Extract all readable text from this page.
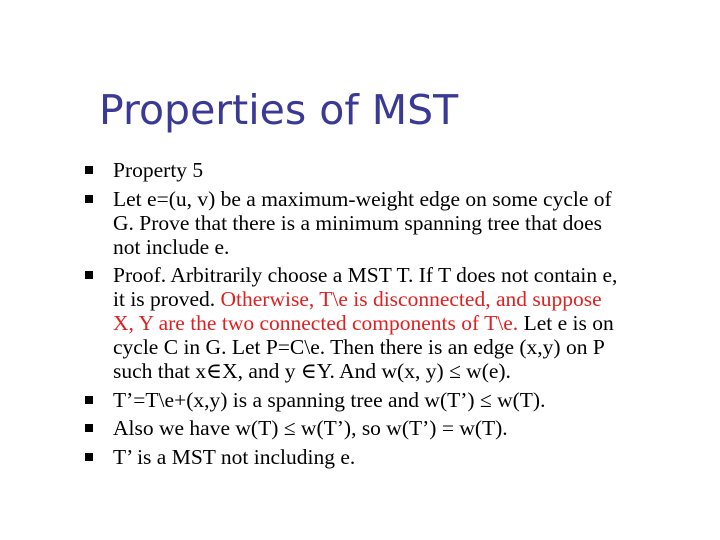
Properties of MST
Property 5
Let e=(u, v) be a maximum-weight edge on some cycle of
G. Prove that there is a minimum spanning tree that does
not include e.
Proof. Arbitrarily choose a MST T. If T does not contain e,
it is proved. Otherwise, T\e is disconnected, and suppose
X, Y are the two connected components of T\e. Let e is on
cycle C in G. Let P=C\e. Then there is an edge (x,y) on P
such that x∈X, and y ∈Y. And w(x, y) ≤ w(e).
T’=T\e+(x,y) is a spanning tree and w(T’) ≤ w(T).
Also we have w(T) ≤ w(T’), so w(T’) = w(T).
T’ is a MST not including e.
